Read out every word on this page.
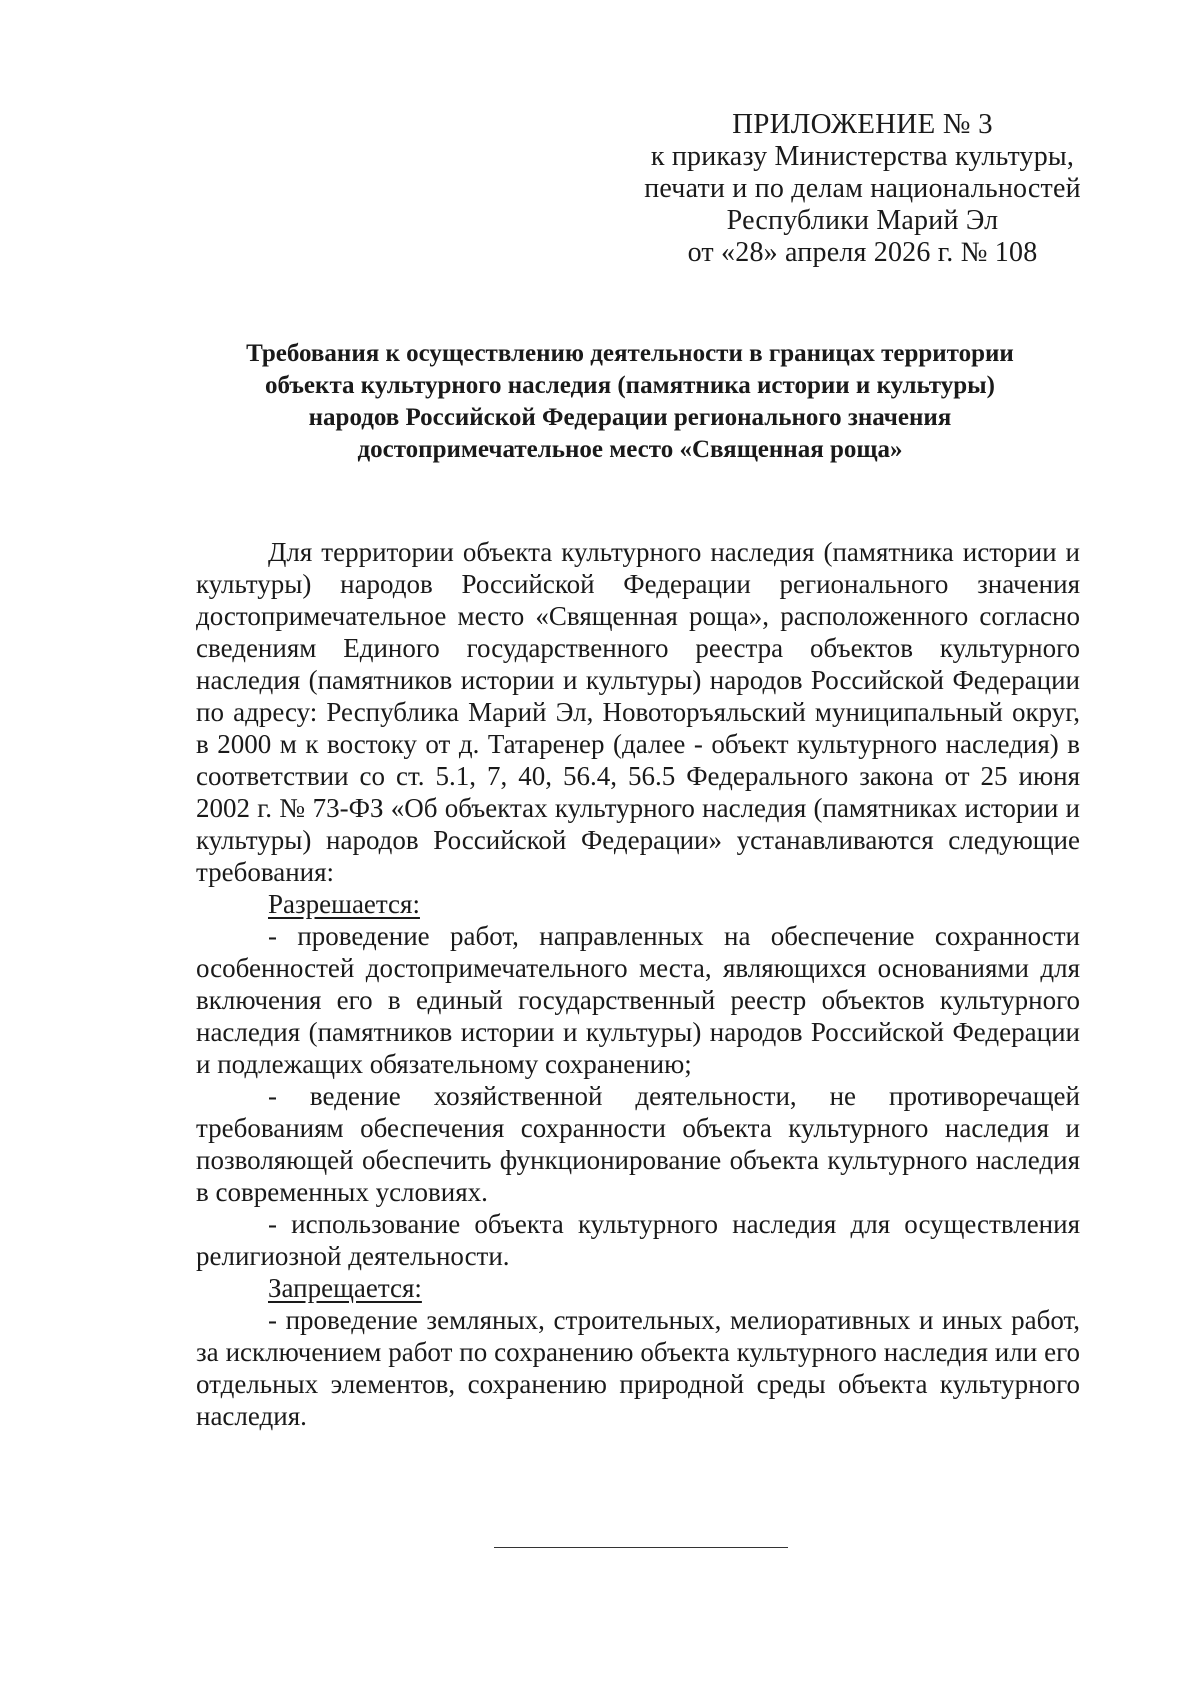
ПРИЛОЖЕНИЕ № 3
к приказу Министерства культуры,
печати и по делам национальностей
Республики Марий Эл
от «28» апреля 2026 г. № 108
Требования к осуществлению деятельности в границах территории
объекта культурного наследия (памятника истории и культуры)
народов Российской Федерации регионального значения
достопримечательное место «Священная роща»

Для территории объекта культурного наследия (памятника истории и культуры) народов Российской Федерации регионального значения достопримечательное место «Священная роща», расположенного согласно сведениям Единого государственного реестра объектов культурного наследия (памятников истории и культуры) народов Российской Федерации по адресу: Республика Марий Эл, Новоторъяльский муниципальный округ, в 2000 м к востоку от д. Татаренер (далее - объект культурного наследия) в соответствии со ст. 5.1, 7, 40, 56.4, 56.5 Федерального закона от 25 июня 2002 г. № 73-ФЗ «Об объектах культурного наследия (памятниках истории и культуры) народов Российской Федерации» устанавливаются следующие требования:

Разрешается:

- проведение работ, направленных на обеспечение сохранности особенностей достопримечательного места, являющихся основаниями для включения его в единый государственный реестр объектов культурного наследия (памятников истории и культуры) народов Российской Федерации и подлежащих обязательному сохранению;

- ведение хозяйственной деятельности, не противоречащей требованиям обеспечения сохранности объекта культурного наследия и позволяющей обеспечить функционирование объекта культурного наследия в современных условиях.

- использование объекта культурного наследия для осуществления религиозной деятельности.

Запрещается:

- проведение земляных, строительных, мелиоративных и иных работ, за исключением работ по сохранению объекта культурного наследия или его отдельных элементов, сохранению природной среды объекта культурного наследия.
